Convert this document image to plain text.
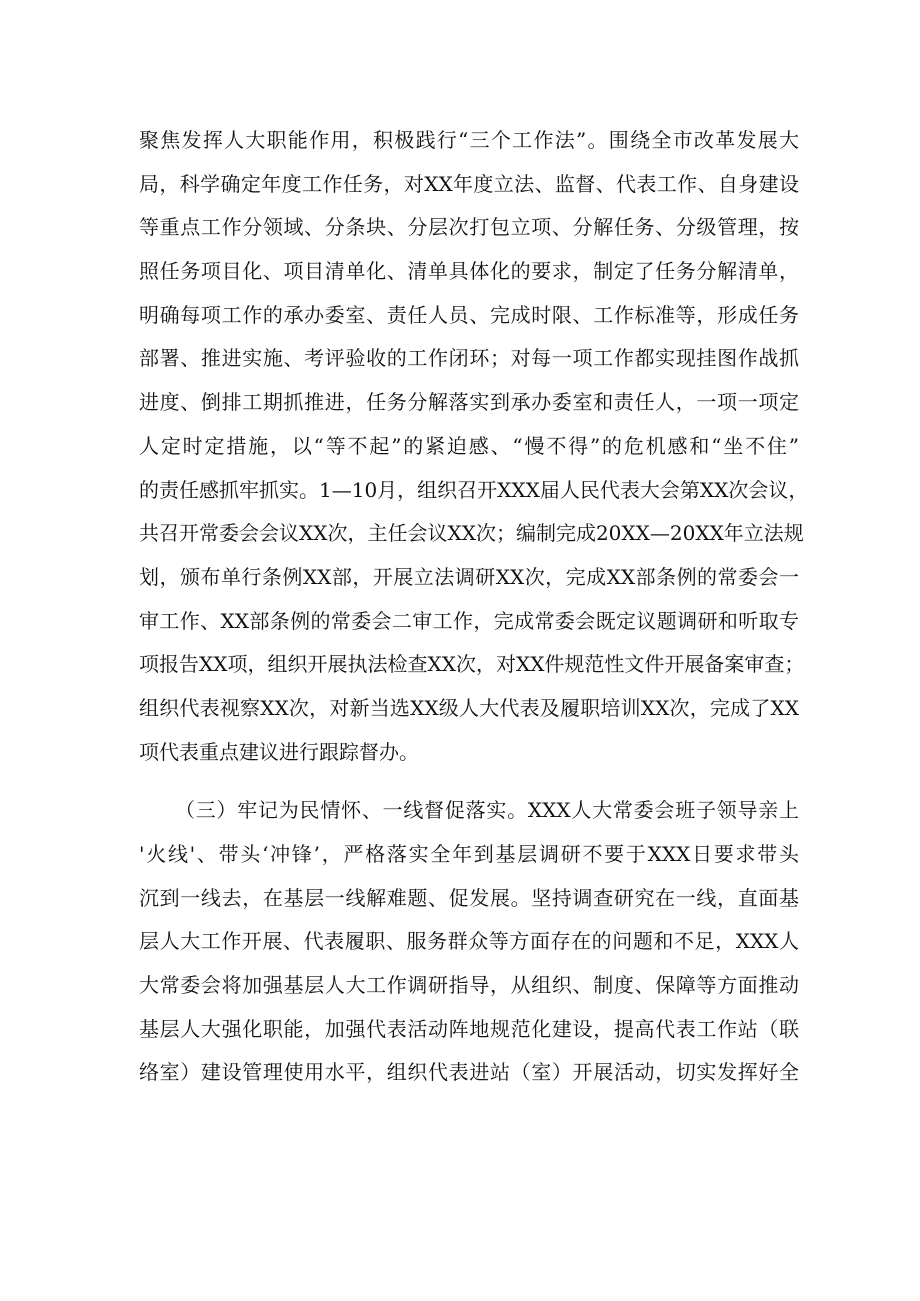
聚焦发挥人大职能作用，积极践行“三个工作法”。围绕全市改革发展大
局，科学确定年度工作任务，对XX年度立法、监督、代表工作、自身建设
等重点工作分领域、分条块、分层次打包立项、分解任务、分级管理，按
照任务项目化、项目清单化、清单具体化的要求，制定了任务分解清单，
明确每项工作的承办委室、责任人员、完成时限、工作标准等，形成任务
部署、推进实施、考评验收的工作闭环；对每一项工作都实现挂图作战抓
进度、倒排工期抓推进，任务分解落实到承办委室和责任人，一项一项定
人定时定措施，以“等不起”的紧迫感、“慢不得”的危机感和“坐不住”
的责任感抓牢抓实。1—10月，组织召开XXX届人民代表大会第XX次会议，
共召开常委会会议XX次，主任会议XX次；编制完成20XX—20XX年立法规
划，颁布单行条例XX部，开展立法调研XX次，完成XX部条例的常委会一
审工作、XX部条例的常委会二审工作，完成常委会既定议题调研和听取专
项报告XX项，组织开展执法检查XX次，对XX件规范性文件开展备案审查；
组织代表视察XX次，对新当选XX级人大代表及履职培训XX次，完成了XX
项代表重点建议进行跟踪督办。
（三）牢记为民情怀、一线督促落实。XXX人大常委会班子领导亲上
'火线'、带头‘冲锋’，严格落实全年到基层调研不要于XXX日要求带头
沉到一线去，在基层一线解难题、促发展。坚持调查研究在一线，直面基
层人大工作开展、代表履职、服务群众等方面存在的问题和不足，XXX人
大常委会将加强基层人大工作调研指导，从组织、制度、保障等方面推动
基层人大强化职能，加强代表活动阵地规范化建设，提高代表工作站（联
络室）建设管理使用水平，组织代表进站（室）开展活动，切实发挥好全
